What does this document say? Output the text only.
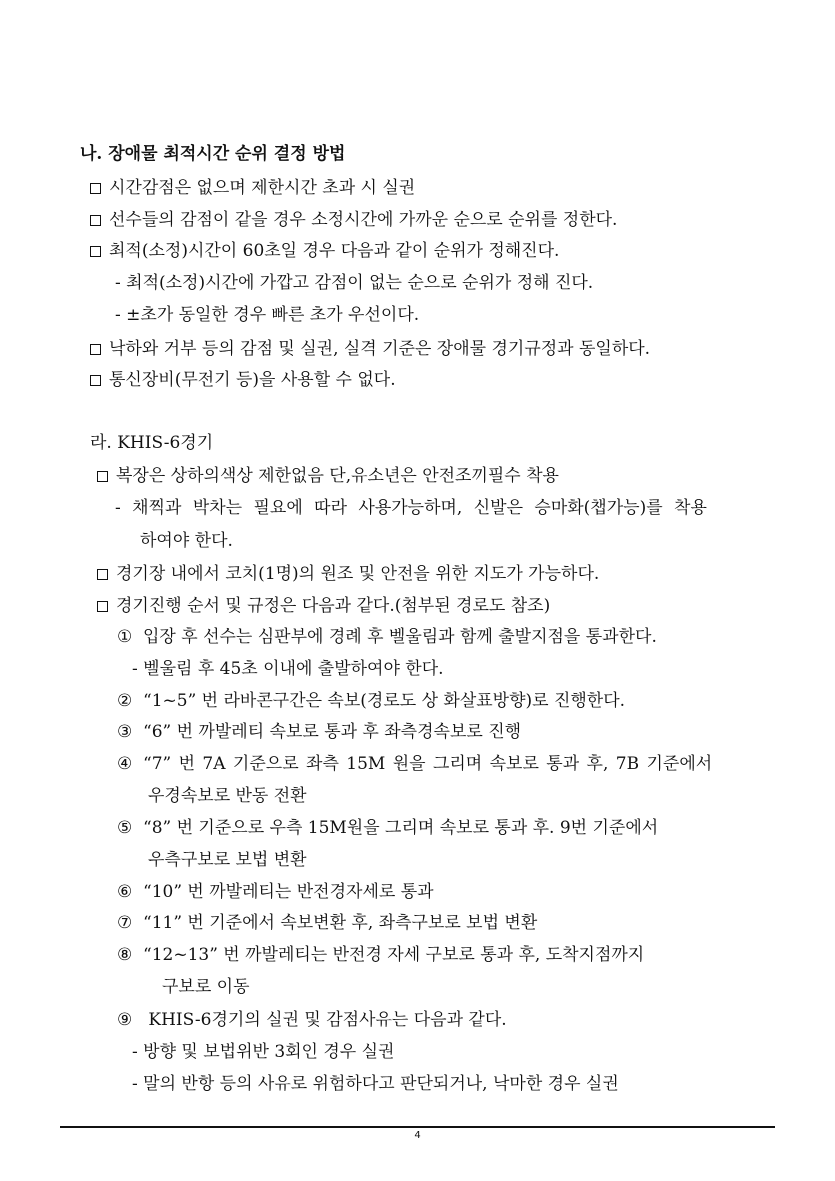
나. 장애물 최적시간 순위 결정 방법
시간감점은 없으며 제한시간 초과 시 실권
선수들의 감점이 같을 경우 소정시간에 가까운 순으로 순위를 정한다.
최적(소정)시간이 60초일 경우 다음과 같이 순위가 정해진다.
- 최적(소정)시간에 가깝고 감점이 없는 순으로 순위가 정해 진다.
- ±초가 동일한 경우 빠른 초가 우선이다.
낙하와 거부 등의 감점 및 실권, 실격 기준은 장애물 경기규정과 동일하다.
통신장비(무전기 등)을 사용할 수 없다.
라. KHIS-6경기
복장은 상하의색상 제한없음 단,유소년은 안전조끼필수 착용
- 채찍과 박차는 필요에 따라 사용가능하며, 신발은 승마화(챕가능)를 착용
하여야 한다.
경기장 내에서 코치(1명)의 원조 및 안전을 위한 지도가 가능하다.
경기진행 순서 및 규정은 다음과 같다.(첨부된 경로도 참조)
① 입장 후 선수는 심판부에 경례 후 벨울림과 함께 출발지점을 통과한다.
- 벨울림 후 45초 이내에 출발하여야 한다.
② “1~5” 번 라바콘구간은 속보(경로도 상 화살표방향)로 진행한다.
③ “6” 번 까발레티 속보로 통과 후 좌측경속보로 진행
④ “7” 번 7A 기준으로 좌측 15M 원을 그리며 속보로 통과 후, 7B 기준에서
우경속보로 반동 전환
⑤ “8” 번 기준으로 우측 15M원을 그리며 속보로 통과 후. 9번 기준에서
우측구보로 보법 변환
⑥ “10” 번 까발레티는 반전경자세로 통과
⑦ “11” 번 기준에서 속보변환 후, 좌측구보로 보법 변환
⑧ “12~13” 번 까발레티는 반전경 자세 구보로 통과 후, 도착지점까지
구보로 이동
⑨ KHIS-6경기의 실권 및 감점사유는 다음과 같다.
- 방향 및 보법위반 3회인 경우 실권
- 말의 반항 등의 사유로 위험하다고 판단되거나, 낙마한 경우 실권
4
